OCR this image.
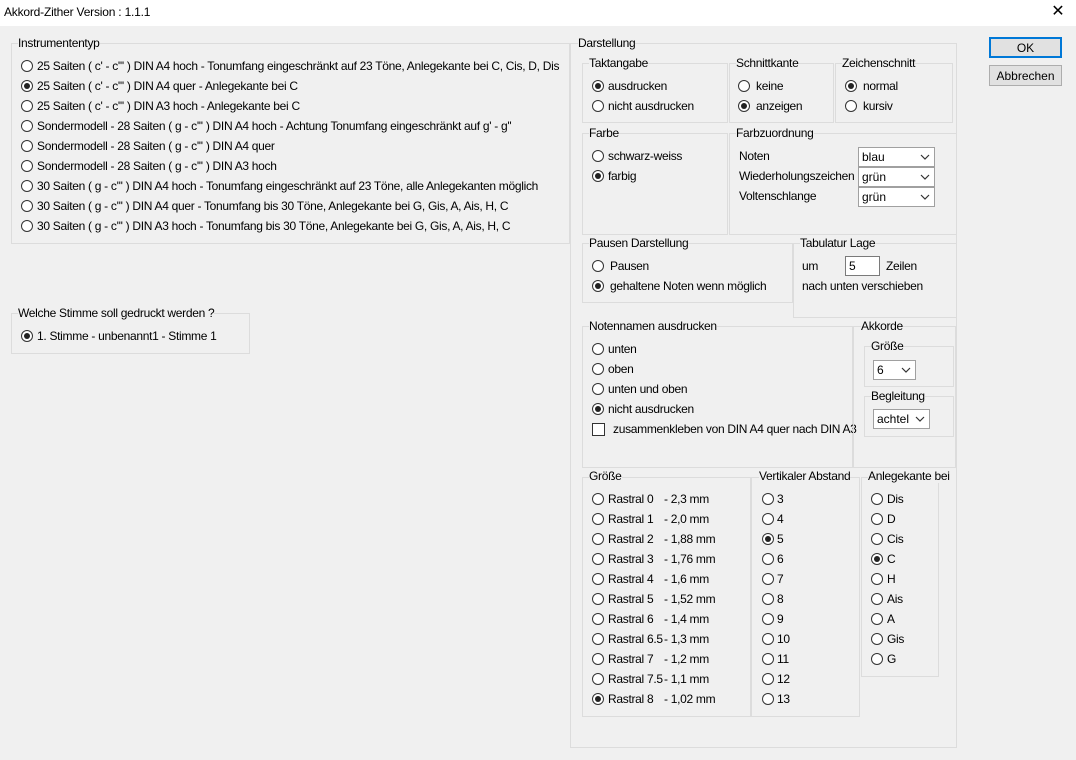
Akkord-Zither Version : 1.1.1	✕
OK
Abbrechen
Instrumententyp
25 Saiten ( c' - c''' ) DIN A4 hoch - Tonumfang eingeschränkt auf 23 Töne, Anlegekante bei C, Cis, D, Dis
25 Saiten ( c' - c''' ) DIN A4 quer - Anlegekante bei C
25 Saiten ( c' - c''' ) DIN A3 hoch - Anlegekante bei C
Sondermodell - 28 Saiten ( g - c''' ) DIN A4 hoch - Achtung Tonumfang eingeschränkt auf g' - g''
Sondermodell - 28 Saiten ( g - c''' ) DIN A4 quer
Sondermodell - 28 Saiten ( g - c''' ) DIN A3 hoch
30 Saiten ( g - c''' ) DIN A4 hoch - Tonumfang eingeschränkt auf 23 Töne, alle Anlegekanten möglich
30 Saiten ( g - c''' ) DIN A4 quer - Tonumfang bis 30 Töne, Anlegekante bei G, Gis, A, Ais, H, C
30 Saiten ( g - c''' ) DIN A3 hoch - Tonumfang bis 30 Töne, Anlegekante bei G, Gis, A, Ais, H, C
Welche Stimme soll gedruckt werden ?
1. Stimme - unbenannt1 - Stimme 1
Darstellung
Taktangabe
ausdrucken
nicht ausdrucken
Schnittkante
keine
anzeigen
Zeichenschnitt
normal
kursiv
Farbe
schwarz-weiss
farbig
Farbzuordnung
Noten	blau
Wiederholungszeichen grün
Voltenschlange	grün
Pausen Darstellung
Pausen
gehaltene Noten wenn möglich
Tabulatur Lage
um	5	Zeilen
nach unten verschieben
Notennamen ausdrucken
unten
oben
unten und oben
nicht ausdrucken
zusammenkleben von DIN A4 quer nach DIN A3
Akkorde
Größe
6
Begleitung
achtel
Größe
Rastral 0 - 2,3 mm
Rastral 1 - 2,0 mm
Rastral 2 - 1,88 mm
Rastral 3 - 1,76 mm
Rastral 4 - 1,6 mm
Rastral 5 - 1,52 mm
Rastral 6 - 1,4 mm
Rastral 6.5 - 1,3 mm
Rastral 7 - 1,2 mm
Rastral 7.5 - 1,1 mm
Rastral 8 - 1,02 mm
Vertikaler Abstand
3
4
5
6
7
8
9
10
11
12
13
Anlegekante bei
Dis
D
Cis
C
H
Ais
A
Gis
G
